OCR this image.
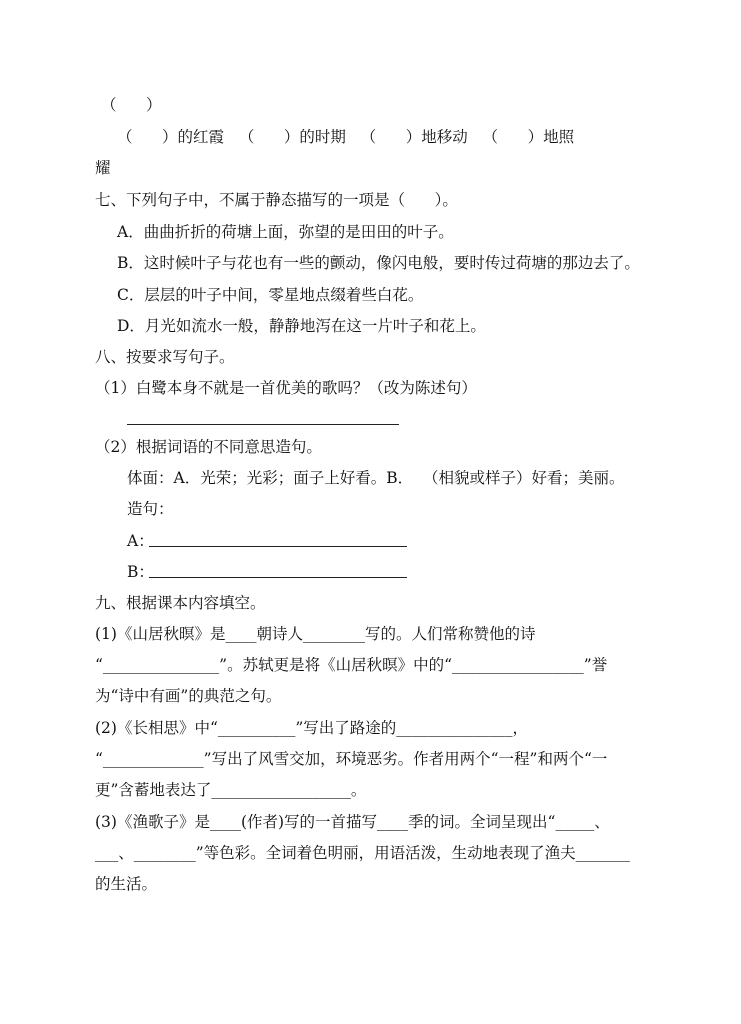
（      ）
（      ）的红霞   （      ）的时期   （      ）地移动   （      ）地照
耀
七、下列句子中，不属于静态描写的一项是（      ）。
A．曲曲折折的荷塘上面，弥望的是田田的叶子。
B．这时候叶子与花也有一些的颤动，像闪电般，要时传过荷塘的那边去了。
C．层层的叶子中间，零星地点缀着些白花。
D．月光如流水一般，静静地泻在这一片叶子和花上。
八、按要求写句子。
（1）白鹭本身不就是一首优美的歌吗？（改为陈述句）
（2）根据词语的不同意思造句。
体面：A．光荣；光彩；面子上好看。B．  （相貌或样子）好看；美丽。
造句：
A：
B：
九、根据课本内容填空。
(1)《山居秋暝》是____朝诗人________写的。人们常称赞他的诗
“_______________”。苏轼更是将《山居秋暝》中的“_________________”誉
为“诗中有画”的典范之句。
(2)《长相思》中“__________”写出了路途的_______________，
“_____________”写出了风雪交加，环境恶劣。作者用两个“一程”和两个“一
更”含蓄地表达了__________________。
(3)《渔歌子》是____(作者)写的一首描写____季的词。全词呈现出“_____、
___、________”等色彩。全词着色明丽，用语活泼，生动地表现了渔夫_______
的生活。
